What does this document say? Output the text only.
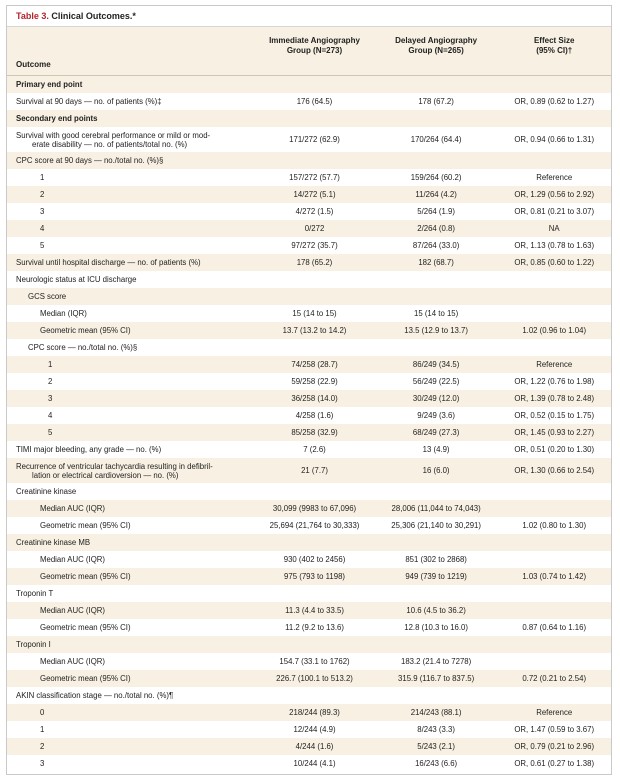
Table 3. Clinical Outcomes.*
Outcome
Immediate Angiography
Group (N=273)
Delayed Angiography
Group (N=265)
Effect Size
(95% CI)†
Primary end point
Survival at 90 days — no. of patients (%)‡	176 (64.5)	178 (67.2)	OR, 0.89 (0.62 to 1.27)
Secondary end points
Survival with good cerebral performance or mild or mod-
erate disability — no. of patients/total no. (%)	171/272 (62.9)	170/264 (64.4)	OR, 0.94 (0.66 to 1.31)
CPC score at 90 days — no./total no. (%)§
1	157/272 (57.7)	159/264 (60.2)	Reference
2	14/272 (5.1)	11/264 (4.2)	OR, 1.29 (0.56 to 2.92)
3	4/272 (1.5)	5/264 (1.9)	OR, 0.81 (0.21 to 3.07)
4	0/272	2/264 (0.8)	NA
5	97/272 (35.7)	87/264 (33.0)	OR, 1.13 (0.78 to 1.63)
Survival until hospital discharge — no. of patients (%)	178 (65.2)	182 (68.7)	OR, 0.85 (0.60 to 1.22)
Neurologic status at ICU discharge
GCS score
Median (IQR)	15 (14 to 15)	15 (14 to 15)
Geometric mean (95% CI)	13.7 (13.2 to 14.2)	13.5 (12.9 to 13.7)	1.02 (0.96 to 1.04)
CPC score — no./total no. (%)§
1	74/258 (28.7)	86/249 (34.5)	Reference
2	59/258 (22.9)	56/249 (22.5)	OR, 1.22 (0.76 to 1.98)
3	36/258 (14.0)	30/249 (12.0)	OR, 1.39 (0.78 to 2.48)
4	4/258 (1.6)	9/249 (3.6)	OR, 0.52 (0.15 to 1.75)
5	85/258 (32.9)	68/249 (27.3)	OR, 1.45 (0.93 to 2.27)
TIMI major bleeding, any grade — no. (%)	7 (2.6)	13 (4.9)	OR, 0.51 (0.20 to 1.30)
Recurrence of ventricular tachycardia resulting in defibril-
lation or electrical cardioversion — no. (%)	21 (7.7)	16 (6.0)	OR, 1.30 (0.66 to 2.54)
Creatinine kinase
Median AUC (IQR)	30,099 (9983 to 67,096)	28,006 (11,044 to 74,043)
Geometric mean (95% CI)	25,694 (21,764 to 30,333)	25,306 (21,140 to 30,291)	1.02 (0.80 to 1.30)
Creatinine kinase MB
Median AUC (IQR)	930 (402 to 2456)	851 (302 to 2868)
Geometric mean (95% CI)	975 (793 to 1198)	949 (739 to 1219)	1.03 (0.74 to 1.42)
Troponin T
Median AUC (IQR)	11.3 (4.4 to 33.5)	10.6 (4.5 to 36.2)
Geometric mean (95% CI)	11.2 (9.2 to 13.6)	12.8 (10.3 to 16.0)	0.87 (0.64 to 1.16)
Troponin I
Median AUC (IQR)	154.7 (33.1 to 1762)	183.2 (21.4 to 7278)
Geometric mean (95% CI)	226.7 (100.1 to 513.2)	315.9 (116.7 to 837.5)	0.72 (0.21 to 2.54)
AKIN classification stage — no./total no. (%)¶
0	218/244 (89.3)	214/243 (88.1)	Reference
1	12/244 (4.9)	8/243 (3.3)	OR, 1.47 (0.59 to 3.67)
2	4/244 (1.6)	5/243 (2.1)	OR, 0.79 (0.21 to 2.96)
3	10/244 (4.1)	16/243 (6.6)	OR, 0.61 (0.27 to 1.38)
